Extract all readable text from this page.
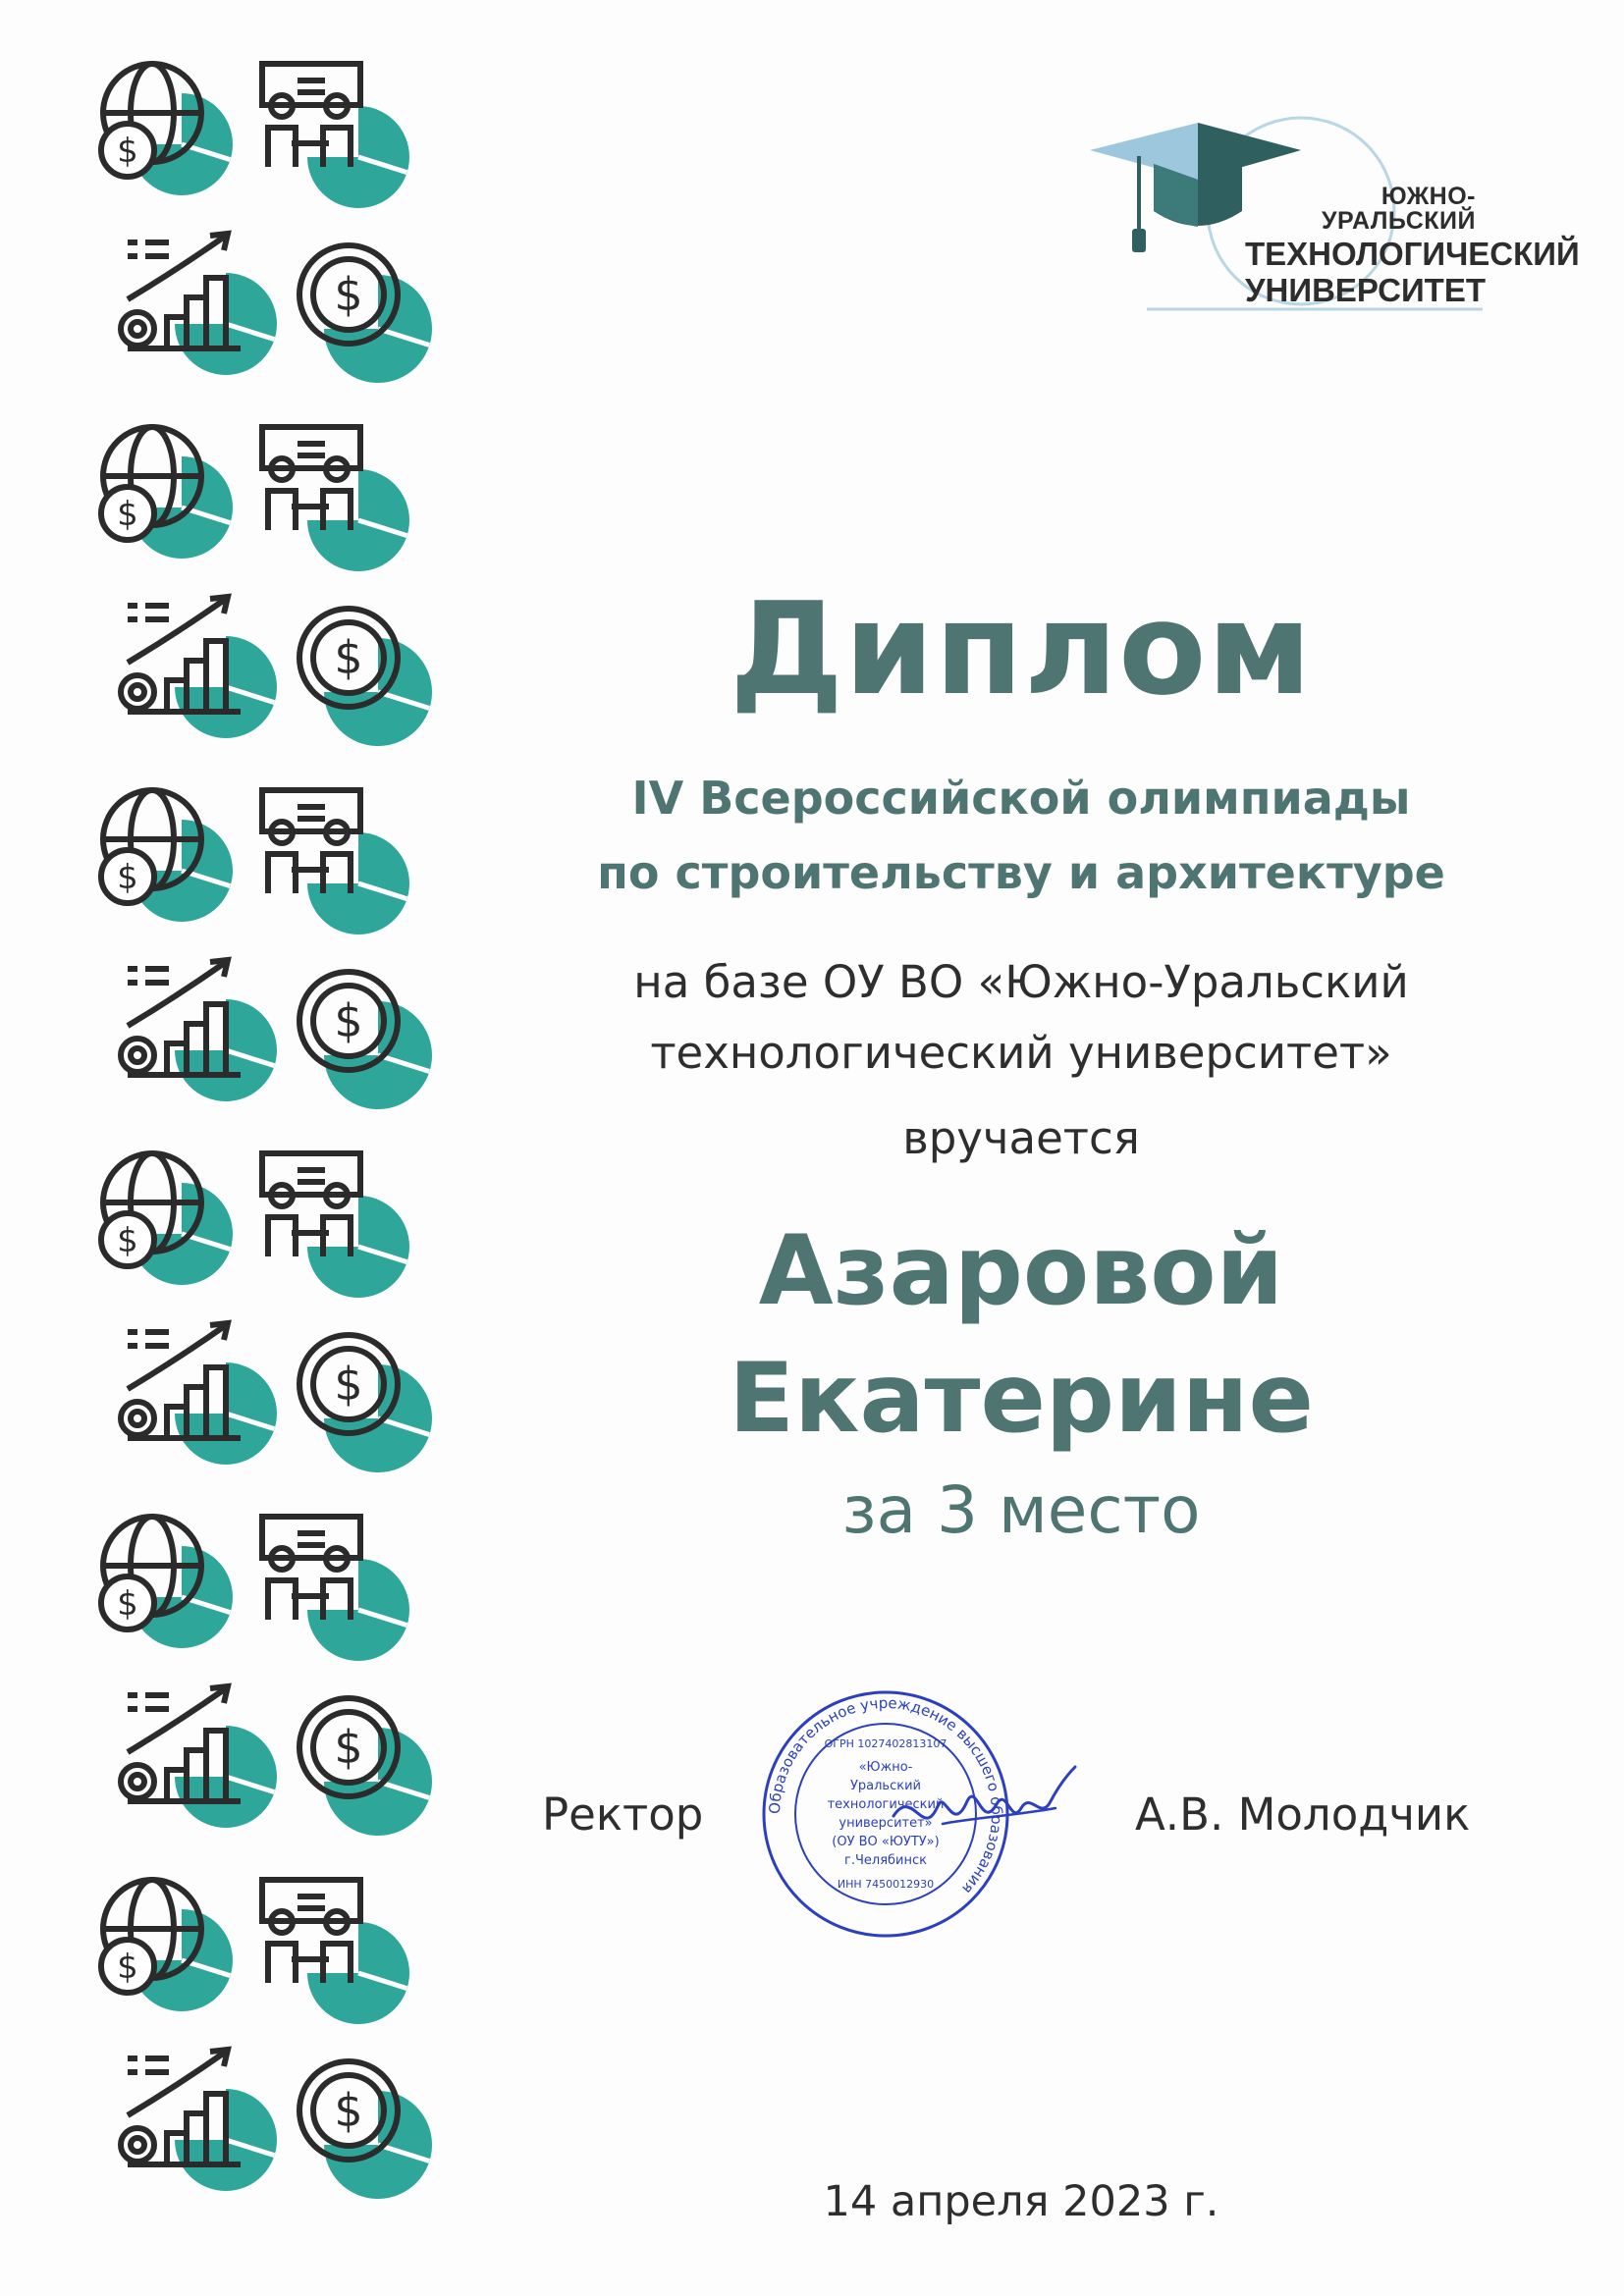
$
$
$
$
$
$
$
$
$
$
$
$
ЮЖНО-УРАЛЬСКИЙ
ТЕХНОЛОГИЧЕСКИЙ
УНИВЕРСИТЕТ
Диплом
IV Всероссийской олимпиады
по строительству и архитектуре
на базе ОУ ВО «Южно-Уральский
технологический университет»
вручается
Азаровой
Екатерине
за 3 место
Ректор	А.В. Молодчик
Образовательное учреждение высшего образования
ОГРН 1027402813107
«Южно-
Уральский
технологический
университет»
(ОУ ВО «ЮУТУ»)
г.Челябинск
ИНН 7450012930
14 апреля 2023 г.
